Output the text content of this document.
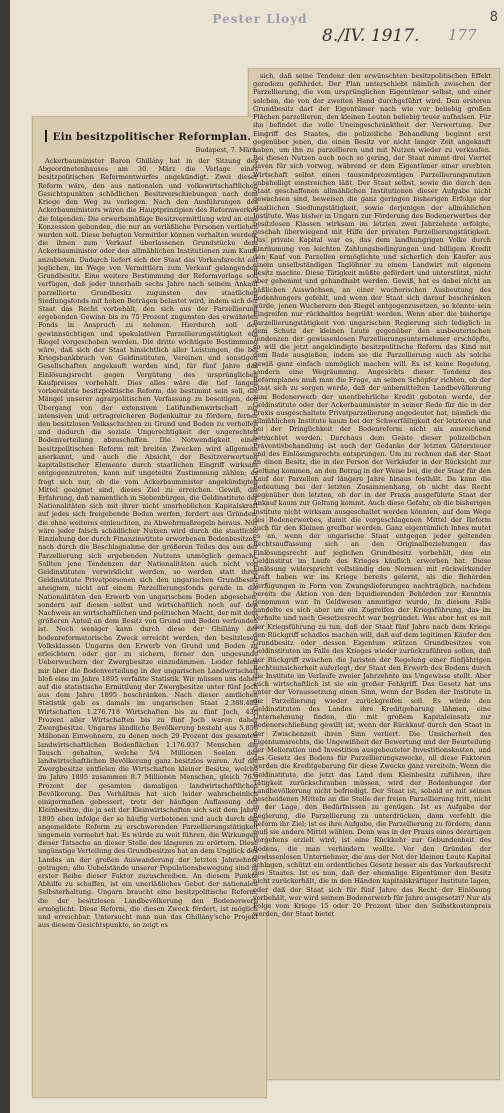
Pester Lloyd
8./IV. 1917. 177
8
Ein besitzpolitischer Reformplan.
Budapest, 7. März.

Ackerbauminister Baron Ghillány hat in der Sitzung des Abgeordnetenhauses am 30. März die Vorlage eines besitzpolitischen Reformentwurfes angekündigt. Zwei dieser Reform wäre, den aus nationalen und volkswirtschaftlichen Gesichtspunkten schädlichen Besitzverschiebungen nach dem Kriege den Weg zu verlegen. Nach den Ausführungen des Ackerbauministers wären die Hauptprinzipien des Reformwerkes die folgenden: Die erwerbsmäßige Besitzvermittlung wird an eine Konzession gebunden, die nur an verläßliche Personen verliehen werden soll. Diese befugten Vermittler können verhalten werden, die ihnen zum Verkauf überlassenen Grundstücke dem Ackerbauminister oder den allmählichen Institutionen zum Kaufe anzubieten. Dadurch liefert sich der Staat das Vorkaufsrecht auf jeglichen, im Wege von Vermittlern zum Verkauf gelangenden Grundbesitz. Eine weitere Bestimmung der Reformvorlage soll verfügen, daß jeder innerhalb sechs Jahre nach seinem Ankauf parzellierte Grundbesitz zugunsten des staatlichen Siedlungsfonds mit hohen Beträgen belastet wird, indem sich der Staat das Recht vorbehält, den sich aus der Parzellierung ergebenden Gewinn bis zu 75 Prozent zugunsten des erwähnten Fonds in Anspruch zu nehmen. Hierdurch soll der gewinnsüchtigen und spekulativen Parzellierungstätigkeit ein Riegel vorgeschoben werden. Die dritte wichtigste Bestimmung wäre, daß sich der Staat hinsichtlich aller Leistungen, die bei Kriegsbankbruch von Geldinstituten, Vereinen und sonstigen Gesellschaften angekauft worden sind, für fünf Jahre das Einlösungsrecht gegen Vergütung des ursprünglichen Kaufpreises vorbehält. Dies alles wäre die tief langen vorbereitete besitzpolitische Reform, die bestimmt sein soll, die Mängel unserer agrarpolitischen Verfassung zu beseitigen, den Übergang von der extensiven Latifundienwirtschaft zur intensiven und ertragreicheren Bodenkultur zu fördern, ferner den besitzlosen Volksschichten zu Grund und Boden zu verhelfen und dadurch die soziale Ungerechtigkeit der ungerechten Bodenverteilung abzuschaffen. Die Notwendigkeit einer besitzpolitischen Reform mit breiten Zwecken wird allgemein anerkannt, und auch die Absicht, der Besitzverwertung kapitalistischer Elemente durch staatlichen Eingriff wirksam entgegenzutreten, kann auf ungeteilte Zustimmung zählen; es fragt sich nur, ob die vom Ackerbauminister angekündigten Mittel geeignet sind, dieses Ziel zu erreichen. Gewiß, die Erfahrung, daß namentlich in Siebenbürgen, die Geldinstitute der Nationalitäten sich mit ihrer nicht unerheblichen Kapitalskraft auf jedes sich freigebende Boden werfen, fordert aus Gründen, die ohne weiteres einleuchten, zu Abwehrmaßregeln heraus. Nur wäre jeder falsch schädlicher Nutzen wird durch die staatliche Einziehung der durch Finanzinstitute erworbenen Bodenbesitzes, nach durch die Beschlagnahme der größeren Teiles des aus der Parzellierung sich ergebenden Nutzens unmöglich gemacht. Sollten jene Tendenzen der Nationalitäten auch nicht von Geldinstituten verwirklicht werden, so werden statt ihrer Geldinstitute Privatpersonen sich den ungarischen Grundbesitz aneignen, nicht auf einem Parzellierungsfonds gerade in die Nationalitäten den Erwerb von ungarischem Boden abgesehen, sondern auf diesen selbst und wirtschaftlich noch auf den Nachweis an wirtschaftlichen und politischen Macht, der mit dem größeren Anteil an dem Besitz von Grund und Boden verbunden ist. Noch weniger kann durch diese der Ghillány der bodenreformatorische Zweck erreicht werden, den besitzlosen Volksklassen Ungarns den Erwerb von Grund und Boden zu erleichtern oder gar zu sichern, ferner den ungesunde Ueberwuchern der Zwergbesitze einzudämmen. Leider fehlen mir über die Bodenverteilung in der ungarischen Landwirtschaft bloß eine im Jahre 1895 verfaßte Statistik. Wir müssen uns daher auf die statistische Ermittlung der Zwergbesitze unter fünf Joch aus dem Jahre 1895 beschränken. Nach dieser amtlichen Statistik gab es damals im ungarischen Staat 2.388.482 Wirtschaften 1.276.718 Wirtschaften bis zu fünf Joch, 436 Prozent aller Wirtschaften bis zu fünf Joch waren daher Zwergbesitze. Ungarns ländliche Bevölkerung besteht aus 5.856 Millionen Einwohnern, zu denen noch 29 Prozent des gesamten landwirtschaftlichen Bodenflächen 1.176.937 Menschen die Tausch gehalten, welche 5/4 Millionen Seelen der landwirtschaftlichen Bevölkerung ganz besitzlos waren. Auf die Zwergbesitze entfielen die Wirtschaften kleiner Besitze, welche im Jahre 1895 zusammen 8.7 Millionen Menschen, gleich 76.5 Prozent der gesamten damaligen landwirtschaftlichen Bevölkerung. Das Verhältnis hat sich leider wahrscheinlich einigermaßen gebessert, trotz der häufigen Auflassung der Kleinbesitze, die ja seit der Kleinwirtschaften sich seit dem Jahre 1895 eben infolge der so häufig verbotenen und auch durch die angemeldete Reform zu erschwerenden Parzellierungstätigkeit ungemein vermehrt hat. Es würde zu weit führen, die Wirkungen dieser Tatsache an dieser Stelle des längeren zu erörtern. Diese ungünstige Verteilung des Grundbesitzes hat an dem Unglück des Landes an der großen Auswanderung der letzten Jahrzehnte getragen; alle Uebelstände unserer Populationsbewegung sind in erster Reihe dieser Faktor zuzuschreiben. An diesem Punkte Abhilfe zu schaffen, ist ein unerläßliches Gebot der nationalen Selbsterhaltung. Ungarn braucht eine besitzpolitische Reform, die der besitzlosen Landbevölkerung den Bodenerwerb ermöglicht. Diese Reform, die diesen Zweck fördert, ist möglich und erreichbar. Untersucht man nun das Ghillány'sche Projekt aus diesem Gesichtspunkte, so zeigt es

sich, daß seine Tendenz den erwünschten besitzpolitischen Effekt geradezu gefährdet. Der Plan unterschiebt nämlich zwischen der Parzellierung, die vom ursprünglichen Eigentümer selbst, und einer solchen, die von der zweiten Hand durchgeführt wird. Den ersteren Grundbesitz darf der Eigentümer nach wie vor beliebig großen Flächen parzellieren, den kleinen Leuten beliebig teuer aufhalsen. Für ihn befindet die volle Uneingeschränktheit der Verwertung. Der Eingriff des Staates, die polizeiliche Behandlung beginnt erst gegenüber jenen, die einen Besitz vor nicht langer Zeit angekauft haben, um ihn zu parzellieren und mit Nutzen wieder zu verkaufen. Bei diesen Nutzen auch noch so gering, der Staat nimmt drei Viertel davon für sich vorweg, während er dem Eigentümer einer ererbten Wirtschaft selbst einen tausendprozentigen Parzellierungsnutzen unbehelligt einstreichen läßt. Der Staat selbst, sowie die durch den Staat geschaffenen allmählichen Institutionen dieser Aufgabe nicht gewachsen sind, beweisen die ganz geringen bisherigen Erfolge der staatlichen Siedlungstätigkeit, sowie derjenigen der allmählichen Institute. Was bisher in Ungarn zur Förderung des Bodenerwerbes der besitzlosen Klassen wirksam im letzten zwei Jahrzehnte erfolgte, geschah überwiegend mit Hilfe der privaten Parzellierungstätigkeit. Das private Kapital war es, das dem landhungrigen Volke durch Einräumung von leichten Zahlungsbedingungen und billigem Kredit den Kauf von Parzellen ermöglichte und sicherlich den Käufer aus einem unselbständigen Taglöhner zu einem Landwirt mit eigenem Besitz machte. Diese Tätigkeit müßte gefördert und unterstützt, nicht aber gehemmt und gehandhabt werden. Gewiß, hat es dabei nicht an häßlichen Auswüchsen, an einer wucherischen Ausbeutung des Bodenhungers gefehlt, und wenn der Staat sich darauf beschränken würde, jenen Wucherern den Riegel entgegenzusetzen, so könnte sein Eingreifen nur rückhaltlos begrüßt werden. Wenn aber die bisherige Parzellierungstätigkeit von ungarischen Regierung sich lediglich in dem Schutz der kleinen Leute gegenüber den ausbeuterischen Tendenzen der gewissenlosen Parzellierungsunternehmer erschöpfte, so will die jetzt angekündigte besitzpolitische Reform das Kind mit dem Bade ausgießen, indem sie die Parzellierung auch als solche gewiß ganz einfach unmöglich machen will. Es ist keine Regelung, sondern eine Wegräumung. Angesichts dieser Tendenz des Reformplanes muß man die Frage, an seinen Schöpfer richten, ob der Staat sich zu sorgen werde, daß der unbemittelten Landbevölkerung zum Bodenerwerb der unentbehrliche Kredit geboten werde, der Geldinstitute oder der Ackerbauminister in seiner Rede für die in der Praxis ausgeschaltete Privatparzellierung angedeutet hat, nämlich die allmählichen Institute kaum bei der Schwerfälligkeit der letzteren und bei der Dringlichkeit der Bodenreform nicht als ausreichend betrachtet werden. Durchaus dem Geiste dieser polizeilichen Präventivbehandlung ist auch der Gedanke der letzten Gütersteuer und des Einlösungsrechts entsprungen. Um zu rechnen daß der Staat an einen Besitz, die in der Person der Verkäufer in der Rücksicht zur Geltung kommen, an den Betrag in der Weise bei, die der Staat für den Kauf der Parzellen auf längere Jahre hinaus festhält. Da kann die Bedeutung bei der letzten Zusammenhang, ob nicht das Recht gegenüber den letzten, ob der in der Praxis ausgeführte Staat der Ankauf kaum zur Geltung kommt. Auch diese Gefahr, ob die bisherigen Institute nicht wirksam ausgeschaltet werden könnten, auf dem Wege des Bodenerwerbes, damit die vorgeschlagenen Mittel der Reform auch für den Kleinen greifbar werden. Ganz eigentümlich lnhes mutet es an, wenn der ungarische Staat entgegen jeder geltenden Rechtsauffassung sich an den Originalbeziehungen das Einlösungsrecht auf jeglichen Grundbesitz vorbehält, den ein Geldinstitut im Laufe des Krieges käuflich erworben hat. Diese Einlösung widerspricht vollständig den Normen mit rückwirkender Kraft haben wir im Kriege bereits gelernt, als die Behörden Verfügungen in Form von Zwangslieferungen nachträglich, nachdem bereits die Aktion von den liquidierenden Behörden zur Kenntnis genommen war. In Geldwesen anmutiger wurde, In diesem Falle handelte es sich aber um ein Zugreifen der Kriegsführung, das im Verhalte und nach Gesetzesrecht war begründet. Was aber hat es mit der Kriegsführung zu tun, daß der Staat fünf Jahre nach dem Kriege den Rückgriff schadlos machen will, daß auf dem legitimen Käufer den Grundbesitz oder dessen Eigentum stützen Grundbesitzes von Geldinstituten im Falle des Krieges wieder zurückzuführen sollen, daß der Rückgriff zwischen die Juristen der Regelung einer fünfjährigen Rechtsunsicherheit auferlegt, der Staat den Erwerb des Bodens durch die Institute im Verlaufe zweier Jahrzehnte ins Ungewisse stellt. Aber auch wirtschaftlich ist sie ein großer Fehlgriff. Das Gesetz hat uns unter der Voraussetzung einen Sinn, wenn der Boden der Institute in die Parzellierung wieder zurückgreifen soll. Es würde den Geldinstituten des Landes ihre Kreditgebarung lähmen, eine Unternehmung finden, die mit großem Kapitaleinsatz zur Bodenerschließung gewillt ist, wenn der Rückkauf durch den Staat in der Zwischenzeit ihren Sinn verliert. Die Unsicherheit des Eigentumsrechts, die Ungewißheit der Bewertung und der Beurteilung der Melioration und Investition ausgebeuteter Investitionskosten, und das Gesetz des Bodens für Parzellierungszwecke, all diese Faktoren werden die Kreditgebarung für diese Zwecke ganz vereiteln. Wenn die Geldinstitute, die jetzt das Land dem Kleinbesitz zuführen, ihre Tätigkeit zurückschrauben müssen, wird der Bodenhunger der Landbevölkerung nicht befriedigt. Der Staat ist, sobald er mit seinen bescheidenen Mitteln an die Stelle der freien Parzellierung tritt, nicht in der Lage, den Bedürfnissen zu genügen. Ist es Aufgabe der Regierung, die Parzellierung zu unterdrücken, dann verfehlt die Reform ihr Ziel; ist es ihre Aufgabe, die Parzellierung zu fördern, dann muß sie andere Mittel wählen. Denn was in der Praxis eines derartigen Vorgehens erzielt wird, ist eine Rückkehr zur Gebundenheit des Bodens, die man verhindern wollte. Vor den Gründen der gewissenlosen Unternehmer, die aus der Not der kleinen Leute Kapital schlagen, schützt ein ordentliches Gesetz besser als das Vorkaufsrecht des Staates. Ist es nun, daß der ehemalige Eigentümer den Besitz nicht zurückerhält, die in den Händen kapitalskräftiger Institute lagen, oder daß der Staat sich für fünf Jahre das Recht der Einlösung vorbehält, wer wird seinem Bodenerwerb für Jahre ausgesetzt? Nur als Folge vom Kriege 15 oder 20 Prozent über den Selbstkostenpreis werden, der Staat bietet
